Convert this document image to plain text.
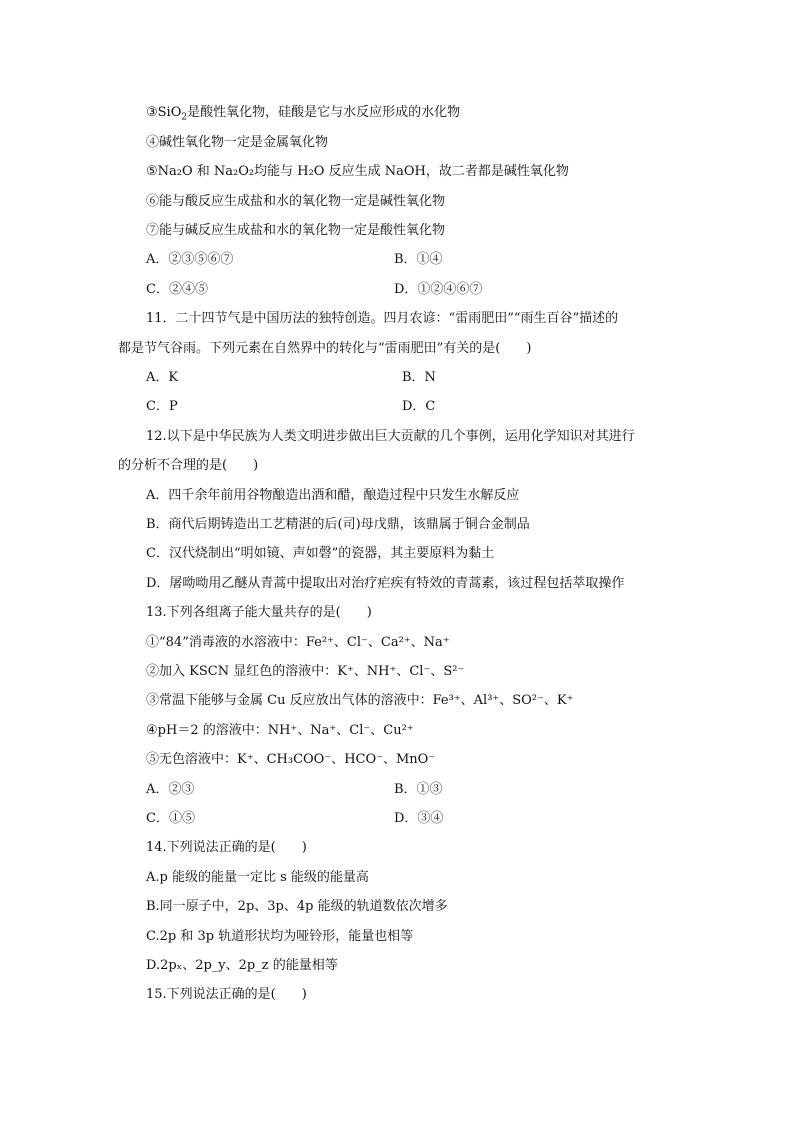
③SiO$_2$是酸性氧化物，硅酸是它与水反应形成的水化物
④碱性氧化物一定是金属氧化物
⑤Na₂O 和 Na₂O₂均能与 H₂O 反应生成 NaOH，故二者都是碱性氧化物
⑥能与酸反应生成盐和水的氧化物一定是碱性氧化物
⑦能与碱反应生成盐和水的氧化物一定是酸性氧化物
A．②③⑤⑥⑦	B．①④
C．②④⑤	D．①②④⑥⑦
11．二十四节气是中国历法的独特创造。四月农谚：“雷雨肥田”“雨生百谷”描述的
都是节气谷雨。下列元素在自然界中的转化与“雷雨肥田”有关的是(　　)
A．K	B．N
C．P	D．C
12.以下是中华民族为人类文明进步做出巨大贡献的几个事例，运用化学知识对其进行
的分析不合理的是(　　)
A．四千余年前用谷物酿造出酒和醋，酿造过程中只发生水解反应
B．商代后期铸造出工艺精湛的后(司)母戊鼎，该鼎属于铜合金制品
C．汉代烧制出“明如镜、声如磬”的瓷器，其主要原料为黏土
D．屠呦呦用乙醚从青蒿中提取出对治疗疟疾有特效的青蒿素，该过程包括萃取操作
13.下列各组离子能大量共存的是(　　)
①“84”消毒液的水溶液中：Fe²⁺、Cl⁻、Ca²⁺、Na⁺
②加入 KSCN 显红色的溶液中：K⁺、NH⁺、Cl⁻、S²⁻
③常温下能够与金属 Cu 反应放出气体的溶液中：Fe³⁺、Al³⁺、SO²⁻、K⁺
④pH＝2 的溶液中：NH⁺、Na⁺、Cl⁻、Cu²⁺
⑤无色溶液中：K⁺、CH₃COO⁻、HCO⁻、MnO⁻
A．②③	B．①③
C．①⑤	D．③④
14.下列说法正确的是(　　)
A.p 能级的能量一定比 s 能级的能量高
B.同一原子中，2p、3p、4p 能级的轨道数依次增多
C.2p 和 3p 轨道形状均为哑铃形，能量也相等
D.2pₓ、2p_y、2p_z 的能量相等
15.下列说法正确的是(　　)
